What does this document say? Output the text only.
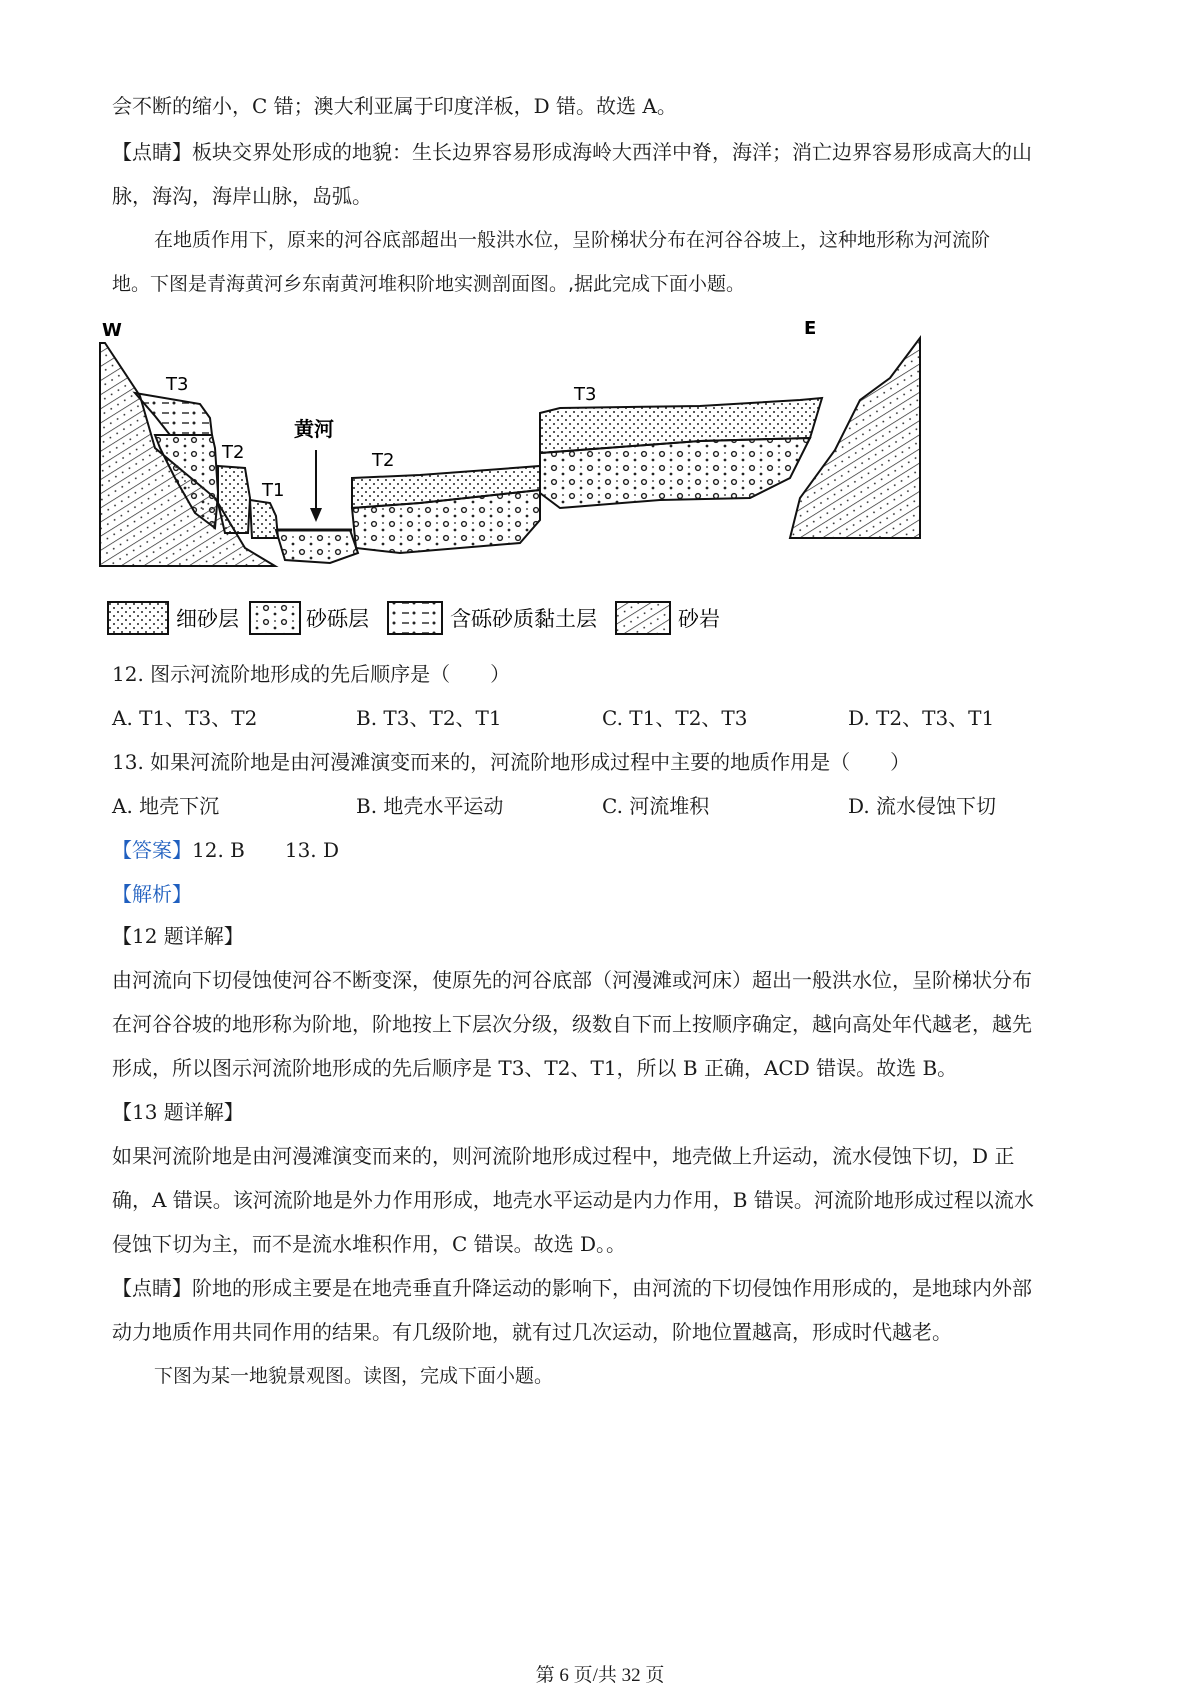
会不断的缩小，C 错；澳大利亚属于印度洋板，D 错。故选 A。
【点睛】板块交界处形成的地貌：生长边界容易形成海岭大西洋中脊，海洋；消亡边界容易形成高大的山
脉，海沟，海岸山脉，岛弧。
在地质作用下，原来的河谷底部超出一般洪水位，呈阶梯状分布在河谷谷坡上，这种地形称为河流阶
地。下图是青海黄河乡东南黄河堆积阶地实测剖面图。,据此完成下面小题。
W	E
黄河
T3
T2
T1
T2
T3
细砂层	砂砾层	含砾砂质黏土层	砂岩
12. 图示河流阶地形成的先后顺序是（　　）
A. T1、T3、T2	B. T3、T2、T1	C. T1、T2、T3	D. T2、T3、T1
13. 如果河流阶地是由河漫滩演变而来的，河流阶地形成过程中主要的地质作用是（　　）
A. 地壳下沉	B. 地壳水平运动	C. 河流堆积	D. 流水侵蚀下切
【答案】12. B　　13. D
【解析】
【12 题详解】
由河流向下切侵蚀使河谷不断变深，使原先的河谷底部（河漫滩或河床）超出一般洪水位，呈阶梯状分布
在河谷谷坡的地形称为阶地，阶地按上下层次分级，级数自下而上按顺序确定，越向高处年代越老，越先
形成，所以图示河流阶地形成的先后顺序是 T3、T2、T1，所以 B 正确，ACD 错误。故选 B。
【13 题详解】
如果河流阶地是由河漫滩演变而来的，则河流阶地形成过程中，地壳做上升运动，流水侵蚀下切，D 正
确，A 错误。该河流阶地是外力作用形成，地壳水平运动是内力作用，B 错误。河流阶地形成过程以流水
侵蚀下切为主，而不是流水堆积作用，C 错误。故选 D。。
【点睛】阶地的形成主要是在地壳垂直升降运动的影响下，由河流的下切侵蚀作用形成的，是地球内外部
动力地质作用共同作用的结果。有几级阶地，就有过几次运动，阶地位置越高，形成时代越老。
下图为某一地貌景观图。读图，完成下面小题。
第 6 页/共 32 页
